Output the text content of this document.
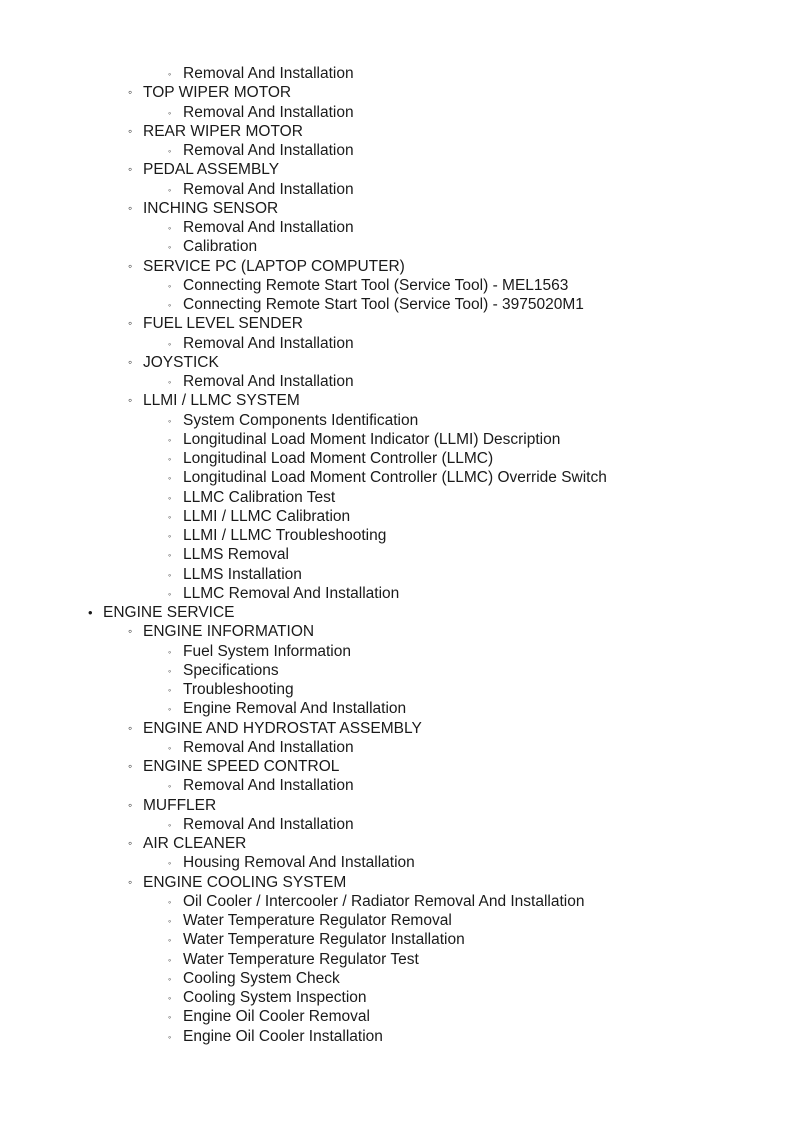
◦ Removal And Installation
◦ TOP WIPER MOTOR
◦ Removal And Installation
◦ REAR WIPER MOTOR
◦ Removal And Installation
◦ PEDAL ASSEMBLY
◦ Removal And Installation
◦ INCHING SENSOR
◦ Removal And Installation
◦ Calibration
◦ SERVICE PC (LAPTOP COMPUTER)
◦ Connecting Remote Start Tool (Service Tool) - MEL1563
◦ Connecting Remote Start Tool (Service Tool) - 3975020M1
◦ FUEL LEVEL SENDER
◦ Removal And Installation
◦ JOYSTICK
◦ Removal And Installation
◦ LLMI / LLMC SYSTEM
◦ System Components Identification
◦ Longitudinal Load Moment Indicator (LLMI) Description
◦ Longitudinal Load Moment Controller (LLMC)
◦ Longitudinal Load Moment Controller (LLMC) Override Switch
◦ LLMC Calibration Test
◦ LLMI / LLMC Calibration
◦ LLMI / LLMC Troubleshooting
◦ LLMS Removal
◦ LLMS Installation
◦ LLMC Removal And Installation
• ENGINE SERVICE
◦ ENGINE INFORMATION
◦ Fuel System Information
◦ Specifications
◦ Troubleshooting
◦ Engine Removal And Installation
◦ ENGINE AND HYDROSTAT ASSEMBLY
◦ Removal And Installation
◦ ENGINE SPEED CONTROL
◦ Removal And Installation
◦ MUFFLER
◦ Removal And Installation
◦ AIR CLEANER
◦ Housing Removal And Installation
◦ ENGINE COOLING SYSTEM
◦ Oil Cooler / Intercooler / Radiator Removal And Installation
◦ Water Temperature Regulator Removal
◦ Water Temperature Regulator Installation
◦ Water Temperature Regulator Test
◦ Cooling System Check
◦ Cooling System Inspection
◦ Engine Oil Cooler Removal
◦ Engine Oil Cooler Installation
